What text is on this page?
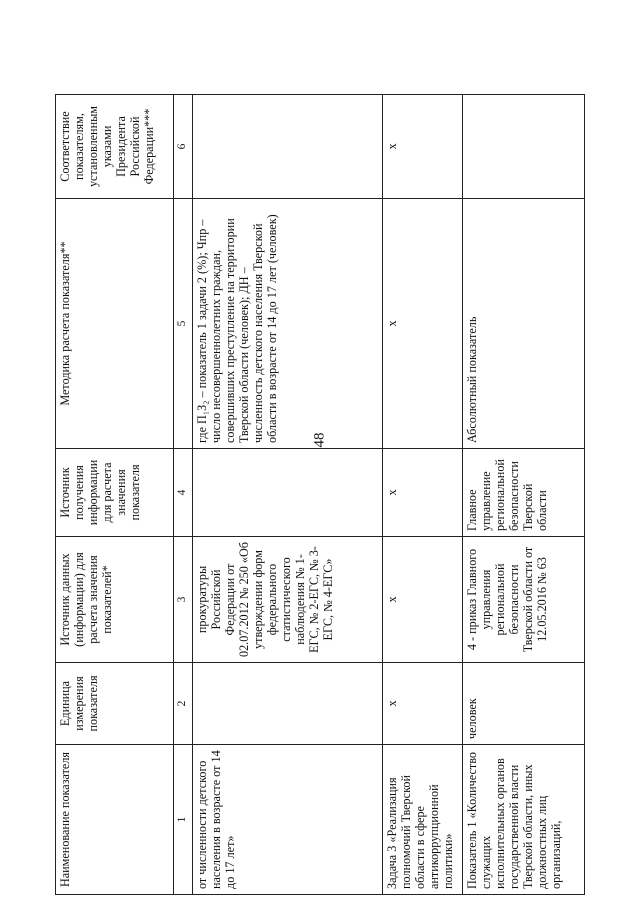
48
Наименование показателя	Единица измерения показателя	Источник данных (информации) для расчета значения показателей*	Источник получения информации для расчета значения показателя	Методика расчета показателя**	Соответствие показателям, установленным указами Президента Российской Федерации***
1	2	3	4	5	6
от численности детского населения в возрасте от 14 до 17 лет»		прокуратуры Российской Федерации от 02.07.2012 № 250 «Об утверждении форм федерального статистического наблюдения № 1-ЕГС, № 2-ЕГС, № 3-ЕГС, № 4-ЕГС»		где П₁З₂ – показатель 1 задачи 2 (%); Чпр – число несовершеннолетних граждан, совершивших преступление на территории Тверской области (человек); ДН – численность детского населения Тверской области в возрасте от 14 до 17 лет (человек)	
Задача 3 «Реализация полномочий Тверской области в сфере антикоррупционной политики»	x	x	x	x	x
Показатель 1 «Количество служащих исполнительных органов государственной власти Тверской области, иных должностных лиц организаций,	человек	4 - приказ Главного управления региональной безопасности Тверской области от 12.05.2016 № 63	Главное управление региональной безопасности Тверской области	Абсолютный показатель	
